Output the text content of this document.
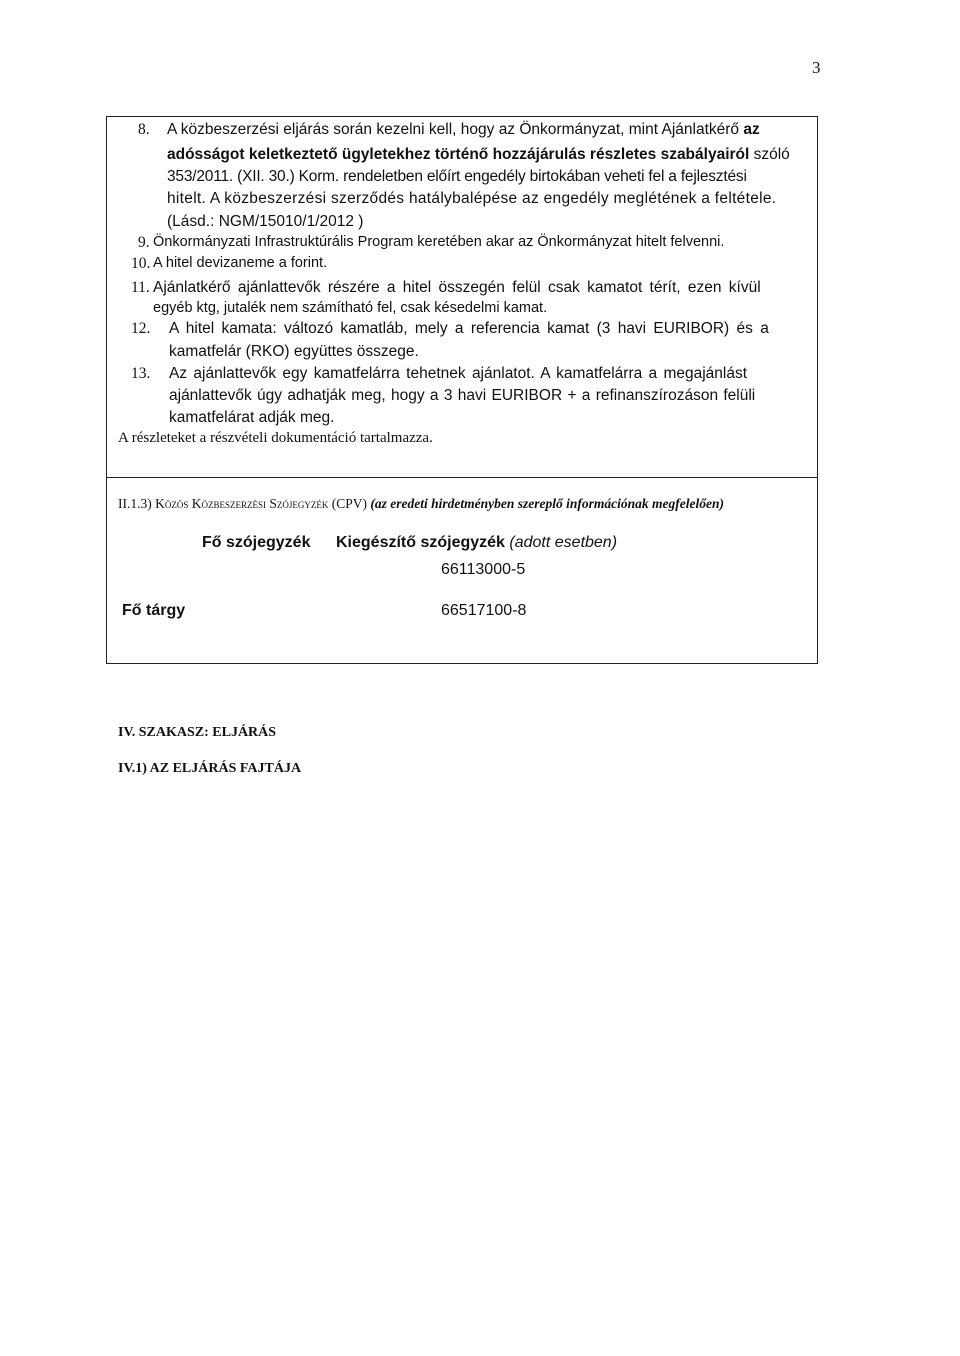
3
8. A közbeszerzési eljárás során kezelni kell, hogy az Önkormányzat, mint Ajánlatkérő az
adósságot keletkeztető ügyletekhez történő hozzájárulás részletes szabályairól szóló
353/2011. (XII. 30.) Korm. rendeletben előírt engedély birtokában veheti fel a fejlesztési
hitelt. A közbeszerzési szerződés hatálybalépése az engedély meglétének a feltétele.
(Lásd.: NGM/15010/1/2012 )
9. Önkormányzati Infrastruktúrális Program keretében akar az Önkormányzat hitelt felvenni.
10. A hitel devizaneme a forint.
11. Ajánlatkérő ajánlattevők részére a hitel összegén felül csak kamatot térít, ezen kívül
egyéb ktg, jutalék nem számítható fel, csak késedelmi kamat.
12. A hitel kamata: változó kamatláb, mely a referencia kamat (3 havi EURIBOR) és a
kamatfelár (RKO) együttes összege.
13. Az ajánlattevők egy kamatfelárra tehetnek ajánlatot. A kamatfelárra a megajánlást
ajánlattevők úgy adhatják meg, hogy a 3 havi EURIBOR + a refinanszírozáson felüli
kamatfelárat adják meg.
A részleteket a részvételi dokumentáció tartalmazza.
II.1.3) Közös Közbeszerzési Szójegyzék (CPV) (az eredeti hirdetményben szereplő információnak megfelelően)
Fő szójegyzék Kiegészítő szójegyzék (adott esetben)
66113000-5
Fő tárgy	66517100-8
IV. SZAKASZ: ELJÁRÁS
IV.1) AZ ELJÁRÁS FAJTÁJA
